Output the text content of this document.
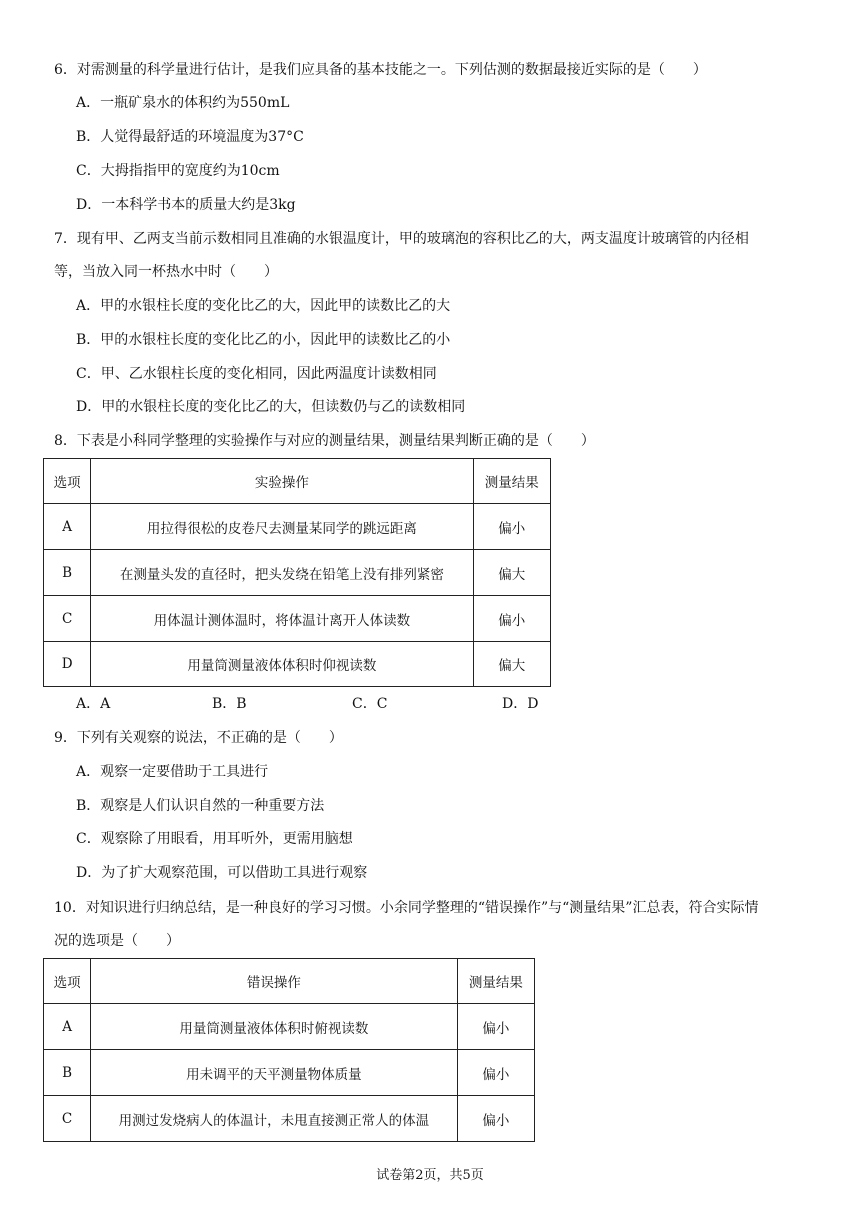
6．对需测量的科学量进行估计，是我们应具备的基本技能之一。下列估测的数据最接近实际的是（　　）
A．一瓶矿泉水的体积约为550mL
B．人觉得最舒适的环境温度为37°C
C．大拇指指甲的宽度约为10cm
D．一本科学书本的质量大约是3kg
7．现有甲、乙两支当前示数相同且准确的水银温度计，甲的玻璃泡的容积比乙的大，两支温度计玻璃管的内径相
等，当放入同一杯热水中时（　　）
A．甲的水银柱长度的变化比乙的大，因此甲的读数比乙的大
B．甲的水银柱长度的变化比乙的小，因此甲的读数比乙的小
C．甲、乙水银柱长度的变化相同，因此两温度计读数相同
D．甲的水银柱长度的变化比乙的大，但读数仍与乙的读数相同
8．下表是小科同学整理的实验操作与对应的测量结果，测量结果判断正确的是（　　）
选项	实验操作	测量结果
A	用拉得很松的皮卷尺去测量某同学的跳远距离	偏小
B	在测量头发的直径时，把头发绕在铅笔上没有排列紧密	偏大
C	用体温计测体温时，将体温计离开人体读数	偏小
D	用量筒测量液体体积时仰视读数	偏大
A．A	B．B	C．C	D．D
9．下列有关观察的说法，不正确的是（　　）
A．观察一定要借助于工具进行
B．观察是人们认识自然的一种重要方法
C．观察除了用眼看，用耳听外，更需用脑想
D．为了扩大观察范围，可以借助工具进行观察
10．对知识进行归纳总结，是一种良好的学习习惯。小余同学整理的“错误操作”与“测量结果”汇总表，符合实际情
况的选项是（　　）
选项	错误操作	测量结果
A	用量筒测量液体体积时俯视读数	偏小
B	用未调平的天平测量物体质量	偏小
C	用测过发烧病人的体温计，未甩直接测正常人的体温	偏小
试卷第2页，共5页
